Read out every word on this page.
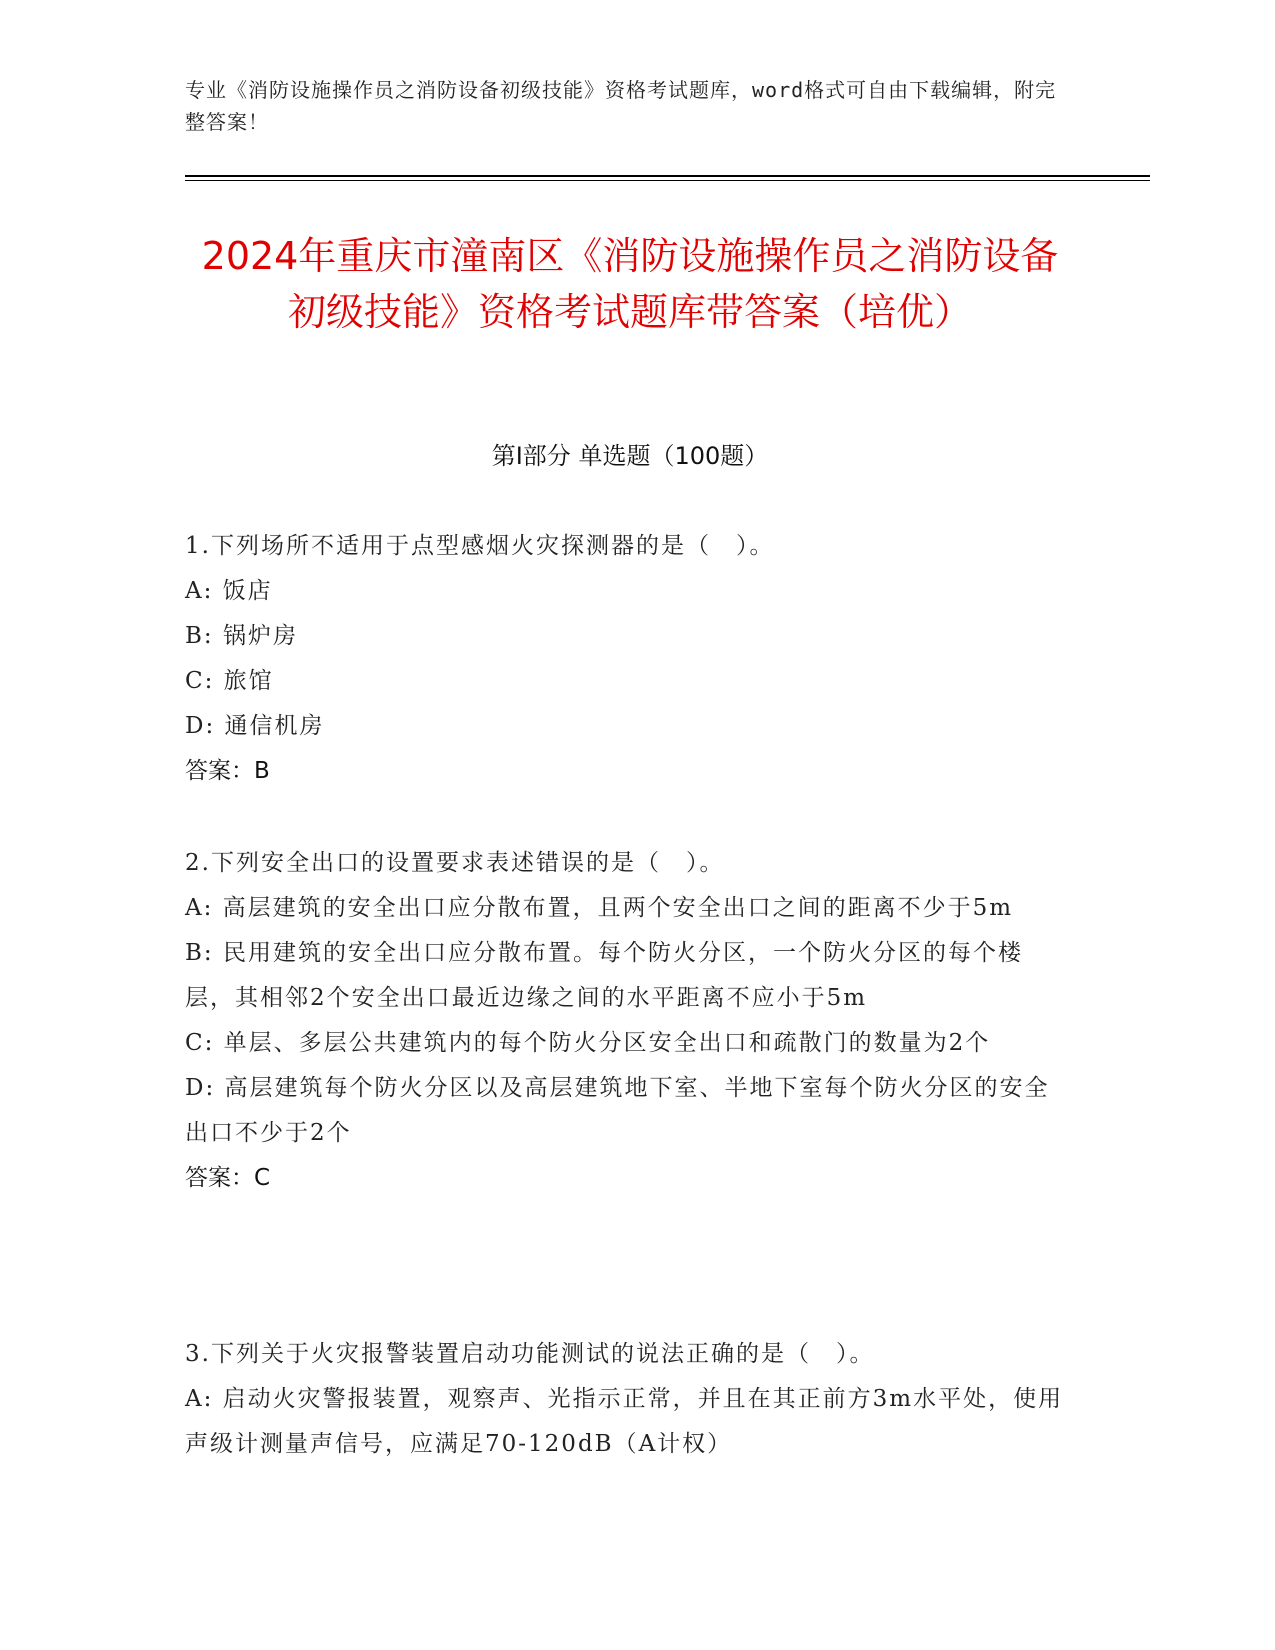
专业《消防设施操作员之消防设备初级技能》资格考试题库，word格式可自由下载编辑，附完整答案！
2024年重庆市潼南区《消防设施操作员之消防设备初级技能》资格考试题库带答案（培优）
第I部分 单选题（100题）

1.下列场所不适用于点型感烟火灾探测器的是（　）。

A: 饭店

B: 锅炉房

C: 旅馆

D: 通信机房

答案：B

2.下列安全出口的设置要求表述错误的是（　）。

A: 高层建筑的安全出口应分散布置，且两个安全出口之间的距离不少于5m

B: 民用建筑的安全出口应分散布置。每个防火分区，一个防火分区的每个楼层，其相邻2个安全出口最近边缘之间的水平距离不应小于5m

C: 单层、多层公共建筑内的每个防火分区安全出口和疏散门的数量为2个

D: 高层建筑每个防火分区以及高层建筑地下室、半地下室每个防火分区的安全出口不少于2个

答案：C

3.下列关于火灾报警装置启动功能测试的说法正确的是（　）。

A: 启动火灾警报装置，观察声、光指示正常，并且在其正前方3m水平处，使用声级计测量声信号，应满足70-120dB（A计权）
